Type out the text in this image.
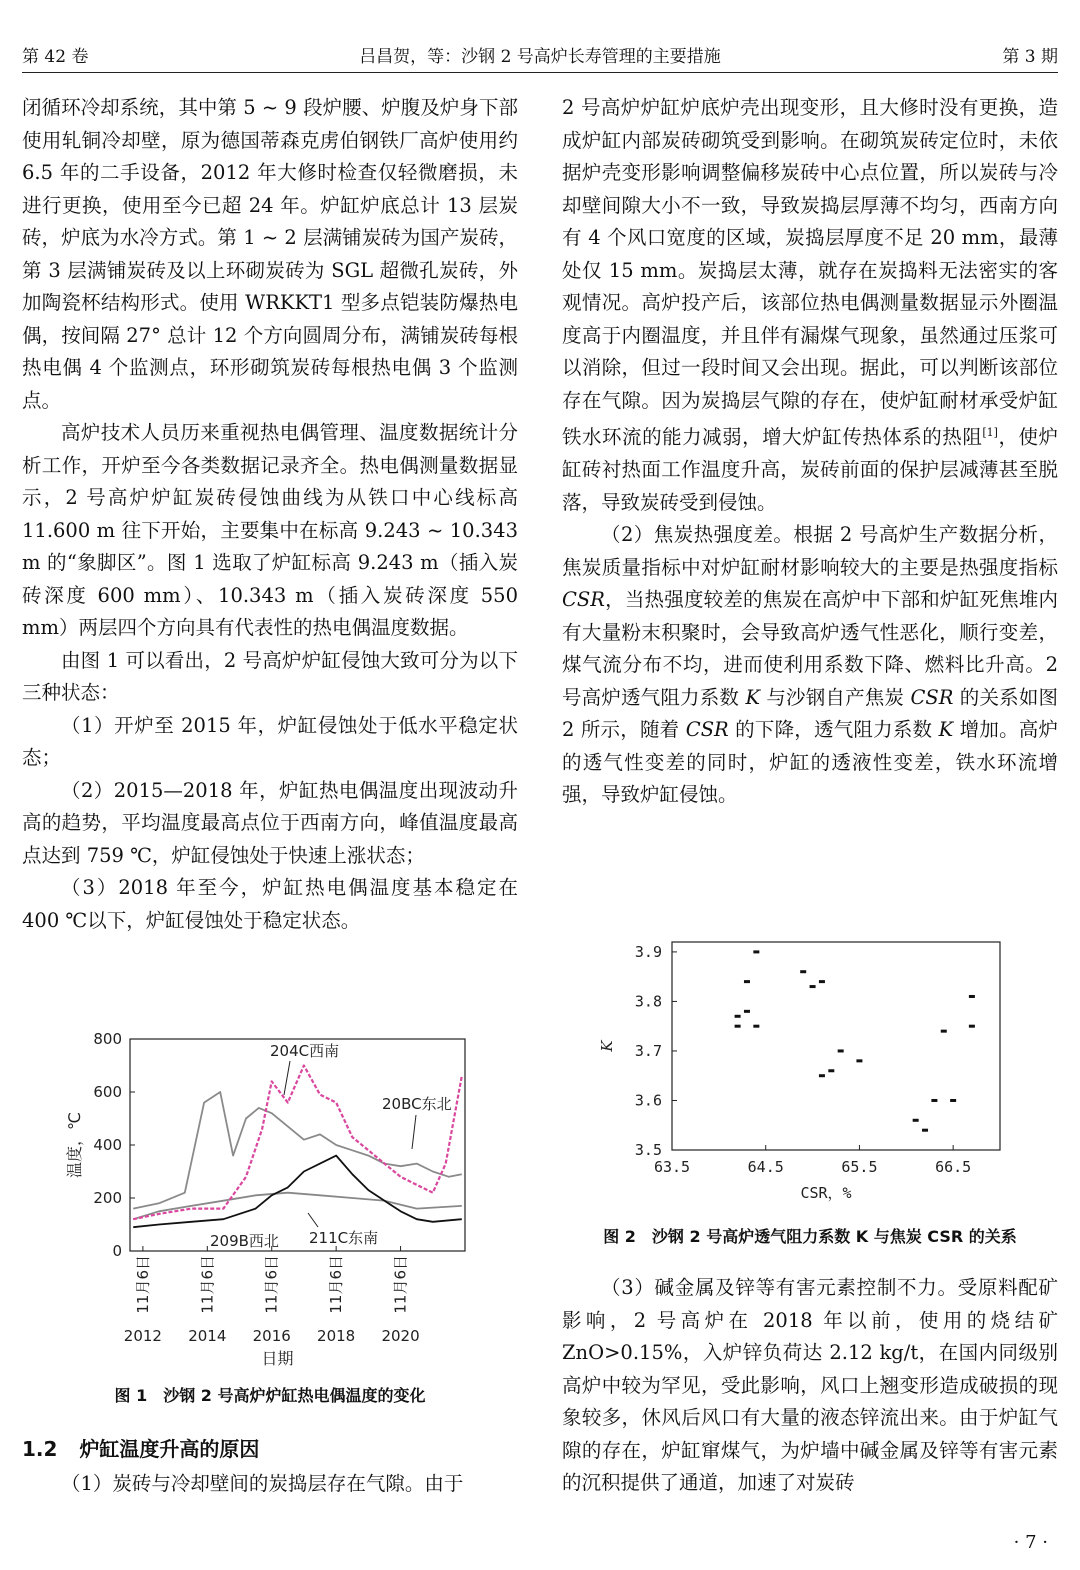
第 42 卷	吕昌贺，等：沙钢 2 号高炉长寿管理的主要措施	第 3 期

闭循环冷却系统，其中第 5 ~ 9 段炉腰、炉腹及炉身下部使用轧铜冷却壁，原为德国蒂森克虏伯钢铁厂高炉使用约 6.5 年的二手设备，2012 年大修时检查仅轻微磨损，未进行更换，使用至今已超 24 年。炉缸炉底总计 13 层炭砖，炉底为水冷方式。第 1 ~ 2 层满铺炭砖为国产炭砖，第 3 层满铺炭砖及以上环砌炭砖为 SGL 超微孔炭砖，外加陶瓷杯结构形式。使用 WRKKT1 型多点铠装防爆热电偶，按间隔 27° 总计 12 个方向圆周分布，满铺炭砖每根热电偶 4 个监测点，环形砌筑炭砖每根热电偶 3 个监测点。

高炉技术人员历来重视热电偶管理、温度数据统计分析工作，开炉至今各类数据记录齐全。热电偶测量数据显示，2 号高炉炉缸炭砖侵蚀曲线为从铁口中心线标高 11.600 m 往下开始，主要集中在标高 9.243 ~ 10.343 m 的“象脚区”。图 1 选取了炉缸标高 9.243 m（插入炭砖深度 600 mm）、10.343 m（插入炭砖深度 550 mm）两层四个方向具有代表性的热电偶温度数据。

由图 1 可以看出，2 号高炉炉缸侵蚀大致可分为以下三种状态：

（1）开炉至 2015 年，炉缸侵蚀处于低水平稳定状态；

（2）2015—2018 年，炉缸热电偶温度出现波动升高的趋势，平均温度最高点位于西南方向，峰值温度最高点达到 759 ℃，炉缸侵蚀处于快速上涨状态；

（3）2018 年至今，炉缸热电偶温度基本稳定在 400 ℃以下，炉缸侵蚀处于稳定状态。

0
200
400
600
800
温度，℃
11月6日
2012
11月6日
2014
11月6日
2016
11月6日
2018
11月6日
2020
日期
204C西南
20BC东北
209B西北 211C东南
图 1　沙钢 2 号高炉炉缸热电偶温度的变化
1.2 炉缸温度升高的原因
（1）炭砖与冷却壁间的炭捣层存在气隙。由于

2 号高炉炉缸炉底炉壳出现变形，且大修时没有更换，造成炉缸内部炭砖砌筑受到影响。在砌筑炭砖定位时，未依据炉壳变形影响调整偏移炭砖中心点位置，所以炭砖与冷却壁间隙大小不一致，导致炭捣层厚薄不均匀，西南方向有 4 个风口宽度的区域，炭捣层厚度不足 20 mm，最薄处仅 15 mm。炭捣层太薄，就存在炭捣料无法密实的客观情况。高炉投产后，该部位热电偶测量数据显示外圈温度高于内圈温度，并且伴有漏煤气现象，虽然通过压浆可以消除，但过一段时间又会出现。据此，可以判断该部位存在气隙。因为炭捣层气隙的存在，使炉缸耐材承受炉缸铁水环流的能力减弱，增大炉缸传热体系的热阻[1]，使炉缸砖衬热面工作温度升高，炭砖前面的保护层减薄甚至脱落，导致炭砖受到侵蚀。

（2）焦炭热强度差。根据 2 号高炉生产数据分析，焦炭质量指标中对炉缸耐材影响较大的主要是热强度指标 CSR，当热强度较差的焦炭在高炉中下部和炉缸死焦堆内有大量粉末积聚时，会导致高炉透气性恶化，顺行变差，煤气流分布不均，进而使利用系数下降、燃料比升高。2 号高炉透气阻力系数 K 与沙钢自产焦炭 CSR 的关系如图 2 所示，随着 CSR 的下降，透气阻力系数 K 增加。高炉的透气性变差的同时，炉缸的透液性变差，铁水环流增强，导致炉缸侵蚀。

3.5
3.6
3.7
3.8
3.9
63.5	64.5	65.5	66.5
K
CSR，%
图 2　沙钢 2 号高炉透气阻力系数 K 与焦炭 CSR 的关系

（3）碱金属及锌等有害元素控制不力。受原料配矿影响，2 号高炉在 2018 年以前，使用的烧结矿 ZnO>0.15%，入炉锌负荷达 2.12 kg/t，在国内同级别高炉中较为罕见，受此影响，风口上翘变形造成破损的现象较多，休风后风口有大量的液态锌流出来。由于炉缸气隙的存在，炉缸窜煤气，为炉墙中碱金属及锌等有害元素的沉积提供了通道，加速了对炭砖

· 7 ·
